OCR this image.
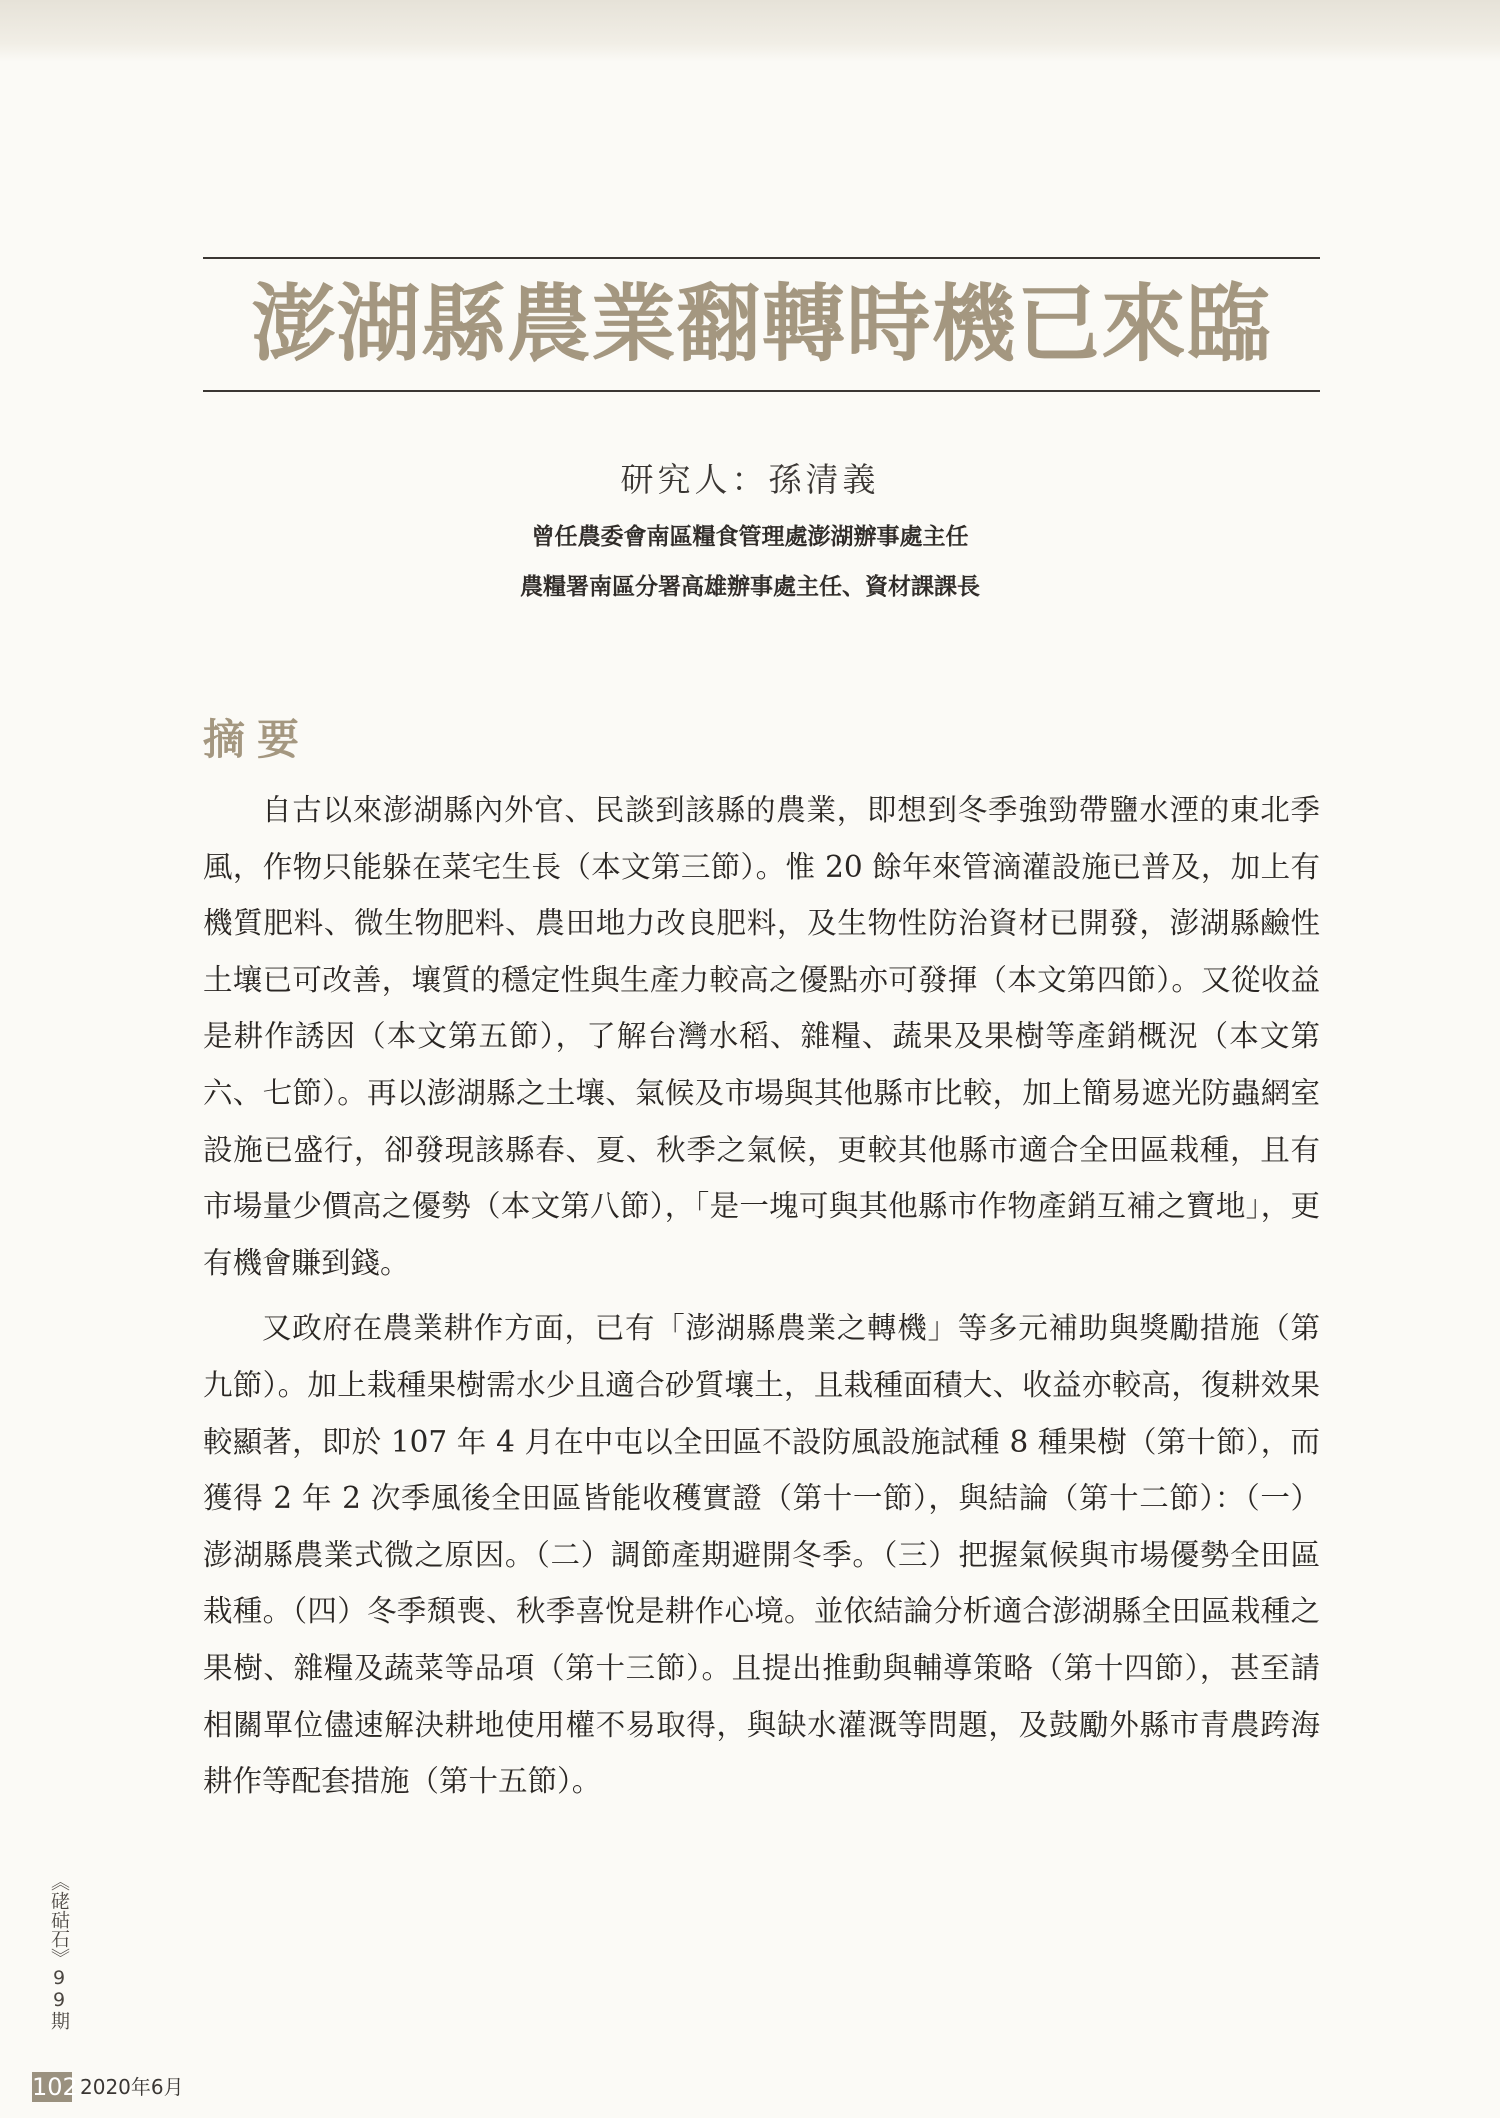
澎湖縣農業翻轉時機已來臨
研究人：孫清義
曾任農委會南區糧食管理處澎湖辦事處主任
農糧署南區分署高雄辦事處主任、資材課課長
摘要

自古以來澎湖縣內外官、民談到該縣的農業，即想到冬季強勁帶鹽水湮的東北季風，作物只能躲在菜宅生長（本文第三節）。惟 20 餘年來管滴灌設施已普及，加上有機質肥料、微生物肥料、農田地力改良肥料，及生物性防治資材已開發，澎湖縣鹼性土壤已可改善，壤質的穩定性與生產力較高之優點亦可發揮（本文第四節）。又從收益是耕作誘因（本文第五節），了解台灣水稻、雜糧、蔬果及果樹等產銷概況（本文第六、七節）。再以澎湖縣之土壤、氣候及市場與其他縣市比較，加上簡易遮光防蟲網室設施已盛行，卻發現該縣春、夏、秋季之氣候，更較其他縣市適合全田區栽種，且有市場量少價高之優勢（本文第八節），「是一塊可與其他縣市作物產銷互補之寶地」，更有機會賺到錢。

又政府在農業耕作方面，已有「澎湖縣農業之轉機」等多元補助與獎勵措施（第九節）。加上栽種果樹需水少且適合砂質壤土，且栽種面積大、收益亦較高，復耕效果較顯著，即於 107 年 4 月在中屯以全田區不設防風設施試種 8 種果樹（第十節），而獲得 2 年 2 次季風後全田區皆能收穫實證（第十一節），與結論（第十二節）：（一）澎湖縣農業式微之原因。（二）調節產期避開冬季。（三）把握氣候與市場優勢全田區栽種。（四）冬季頹喪、秋季喜悅是耕作心境。並依結論分析適合澎湖縣全田區栽種之果樹、雜糧及蔬菜等品項（第十三節）。且提出推動與輔導策略（第十四節），甚至請相關單位儘速解決耕地使用權不易取得，與缺水灌溉等問題，及鼓勵外縣市青農跨海耕作等配套措施（第十五節）。

《硓𥑮石》99期
102 2020年6月
